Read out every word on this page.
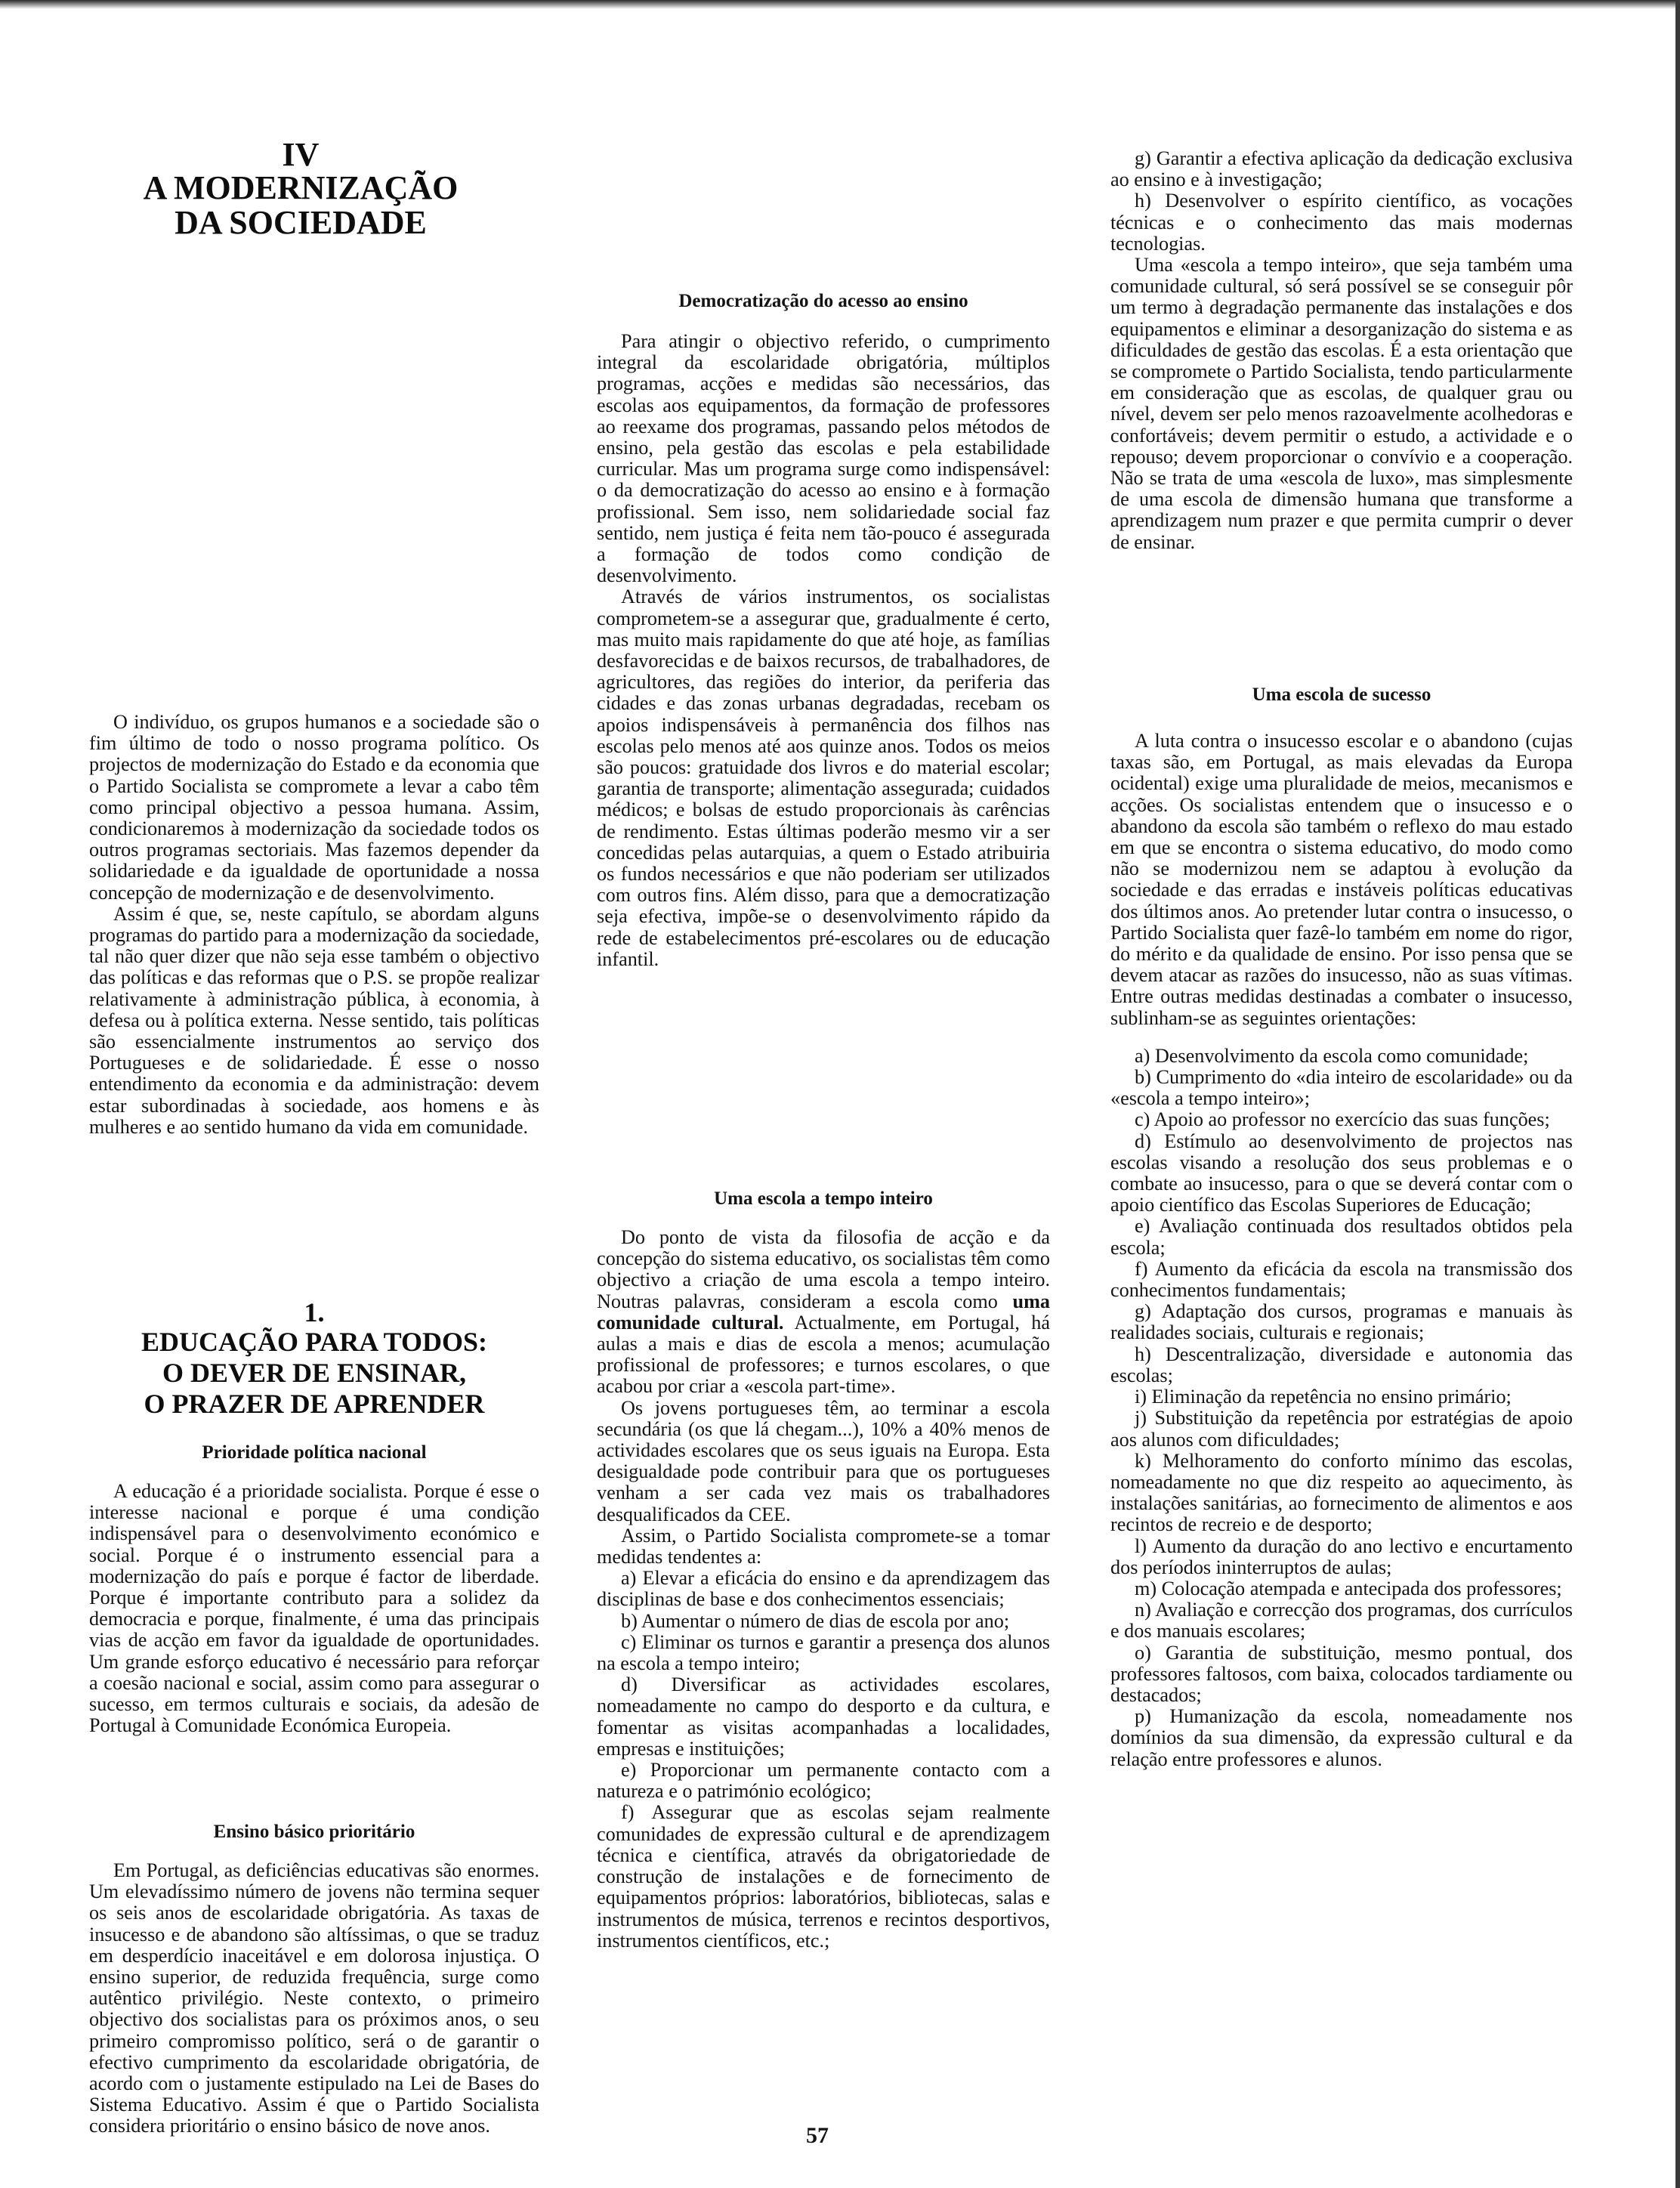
IV
A MODERNIZAÇÃO
DA SOCIEDADE

O indivíduo, os grupos humanos e a sociedade são o fim último de todo o nosso programa político. Os projectos de modernização do Estado e da economia que o Partido Socialista se compromete a levar a cabo têm como principal objectivo a pessoa humana. Assim, condicionaremos à modernização da sociedade todos os outros programas sectoriais. Mas fazemos depender da solidariedade e da igualdade de oportunidade a nossa concepção de modernização e de desenvolvimento.

Assim é que, se, neste capítulo, se abordam alguns programas do partido para a modernização da sociedade, tal não quer dizer que não seja esse também o objectivo das políticas e das reformas que o P.S. se propõe realizar relativamente à administração pública, à economia, à defesa ou à política externa. Nesse sentido, tais políticas são essencialmente instrumentos ao serviço dos Portugueses e de solidariedade. É esse o nosso entendimento da economia e da administração: devem estar subordinadas à sociedade, aos homens e às mulheres e ao sentido humano da vida em comunidade.

1.

EDUCAÇÃO PARA TODOS:
O DEVER DE ENSINAR,
O PRAZER DE APRENDER

Prioridade política nacional

A educação é a prioridade socialista. Porque é esse o interesse nacional e porque é uma condição indispensável para o desenvolvimento económico e social. Porque é o instrumento essencial para a modernização do país e porque é factor de liberdade. Porque é importante contributo para a solidez da democracia e porque, finalmente, é uma das principais vias de acção em favor da igualdade de oportunidades. Um grande esforço educativo é necessário para reforçar a coesão nacional e social, assim como para assegurar o sucesso, em termos culturais e sociais, da adesão de Portugal à Comunidade Económica Europeia.

Ensino básico prioritário

Em Portugal, as deficiências educativas são enormes. Um elevadíssimo número de jovens não termina sequer os seis anos de escolaridade obrigatória. As taxas de insucesso e de abandono são altíssimas, o que se traduz em desperdício inaceitável e em dolorosa injustiça. O ensino superior, de reduzida frequência, surge como autêntico privilégio. Neste contexto, o primeiro objectivo dos socialistas para os próximos anos, o seu primeiro compromisso político, será o de garantir o efectivo cumprimento da escolaridade obrigatória, de acordo com o justamente estipulado na Lei de Bases do Sistema Educativo. Assim é que o Partido Socialista considera prioritário o ensino básico de nove anos.

Democratização do acesso ao ensino

Para atingir o objectivo referido, o cumprimento integral da escolaridade obrigatória, múltiplos programas, acções e medidas são necessários, das escolas aos equipamentos, da formação de professores ao reexame dos programas, passando pelos métodos de ensino, pela gestão das escolas e pela estabilidade curricular. Mas um programa surge como indispensável: o da democratização do acesso ao ensino e à formação profissional. Sem isso, nem solidariedade social faz sentido, nem justiça é feita nem tão-pouco é assegurada a formação de todos como condição de desenvolvimento.

Através de vários instrumentos, os socialistas comprometem-se a assegurar que, gradualmente é certo, mas muito mais rapidamente do que até hoje, as famílias desfavorecidas e de baixos recursos, de trabalhadores, de agricultores, das regiões do interior, da periferia das cidades e das zonas urbanas degradadas, recebam os apoios indispensáveis à permanência dos filhos nas escolas pelo menos até aos quinze anos. Todos os meios são poucos: gratuidade dos livros e do material escolar; garantia de transporte; alimentação assegurada; cuidados médicos; e bolsas de estudo proporcionais às carências de rendimento. Estas últimas poderão mesmo vir a ser concedidas pelas autarquias, a quem o Estado atribuiria os fundos necessários e que não poderiam ser utilizados com outros fins. Além disso, para que a democratização seja efectiva, impõe-se o desenvolvimento rápido da rede de estabelecimentos pré-escolares ou de educação infantil.

Uma escola a tempo inteiro

Do ponto de vista da filosofia de acção e da concepção do sistema educativo, os socialistas têm como objectivo a criação de uma escola a tempo inteiro. Noutras palavras, consideram a escola como uma comunidade cultural. Actualmente, em Portugal, há aulas a mais e dias de escola a menos; acumulação profissional de professores; e turnos escolares, o que acabou por criar a «escola part-time».

Os jovens portugueses têm, ao terminar a escola secundária (os que lá chegam...), 10% a 40% menos de actividades escolares que os seus iguais na Europa. Esta desigualdade pode contribuir para que os portugueses venham a ser cada vez mais os trabalhadores desqualificados da CEE.

Assim, o Partido Socialista compromete-se a tomar medidas tendentes a:

a) Elevar a eficácia do ensino e da aprendizagem das disciplinas de base e dos conhecimentos essenciais;

b) Aumentar o número de dias de escola por ano;

c) Eliminar os turnos e garantir a presença dos alunos na escola a tempo inteiro;

d) Diversificar as actividades escolares, nomeadamente no campo do desporto e da cultura, e fomentar as visitas acompanhadas a localidades, empresas e instituições;

e) Proporcionar um permanente contacto com a natureza e o património ecológico;

f) Assegurar que as escolas sejam realmente comunidades de expressão cultural e de aprendizagem técnica e científica, através da obrigatoriedade de construção de instalações e de fornecimento de equipamentos próprios: laboratórios, bibliotecas, salas e instrumentos de música, terrenos e recintos desportivos, instrumentos científicos, etc.;

g) Garantir a efectiva aplicação da dedicação exclusiva ao ensino e à investigação;

h) Desenvolver o espírito científico, as vocações técnicas e o conhecimento das mais modernas tecnologias.

Uma «escola a tempo inteiro», que seja também uma comunidade cultural, só será possível se se conseguir pôr um termo à degradação permanente das instalações e dos equipamentos e eliminar a desorganização do sistema e as dificuldades de gestão das escolas. É a esta orientação que se compromete o Partido Socialista, tendo particularmente em consideração que as escolas, de qualquer grau ou nível, devem ser pelo menos razoavelmente acolhedoras e confortáveis; devem permitir o estudo, a actividade e o repouso; devem proporcionar o convívio e a cooperação. Não se trata de uma «escola de luxo», mas simplesmente de uma escola de dimensão humana que transforme a aprendizagem num prazer e que permita cumprir o dever de ensinar.

Uma escola de sucesso

A luta contra o insucesso escolar e o abandono (cujas taxas são, em Portugal, as mais elevadas da Europa ocidental) exige uma pluralidade de meios, mecanismos e acções. Os socialistas entendem que o insucesso e o abandono da escola são também o reflexo do mau estado em que se encontra o sistema educativo, do modo como não se modernizou nem se adaptou à evolução da sociedade e das erradas e instáveis políticas educativas dos últimos anos. Ao pretender lutar contra o insucesso, o Partido Socialista quer fazê-lo também em nome do rigor, do mérito e da qualidade de ensino. Por isso pensa que se devem atacar as razões do insucesso, não as suas vítimas. Entre outras medidas destinadas a combater o insucesso, sublinham-se as seguintes orientações:

a) Desenvolvimento da escola como comunidade;

b) Cumprimento do «dia inteiro de escolaridade» ou da «escola a tempo inteiro»;

c) Apoio ao professor no exercício das suas funções;

d) Estímulo ao desenvolvimento de projectos nas escolas visando a resolução dos seus problemas e o combate ao insucesso, para o que se deverá contar com o apoio científico das Escolas Superiores de Educação;

e) Avaliação continuada dos resultados obtidos pela escola;

f) Aumento da eficácia da escola na transmissão dos conhecimentos fundamentais;

g) Adaptação dos cursos, programas e manuais às realidades sociais, culturais e regionais;

h) Descentralização, diversidade e autonomia das escolas;

i) Eliminação da repetência no ensino primário;

j) Substituição da repetência por estratégias de apoio aos alunos com dificuldades;

k) Melhoramento do conforto mínimo das escolas, nomeadamente no que diz respeito ao aquecimento, às instalações sanitárias, ao fornecimento de alimentos e aos recintos de recreio e de desporto;

l) Aumento da duração do ano lectivo e encurtamento dos períodos ininterruptos de aulas;

m) Colocação atempada e antecipada dos professores;

n) Avaliação e correcção dos programas, dos currículos e dos manuais escolares;

o) Garantia de substituição, mesmo pontual, dos professores faltosos, com baixa, colocados tardiamente ou destacados;

p) Humanização da escola, nomeadamente nos domínios da sua dimensão, da expressão cultural e da relação entre professores e alunos.

57
